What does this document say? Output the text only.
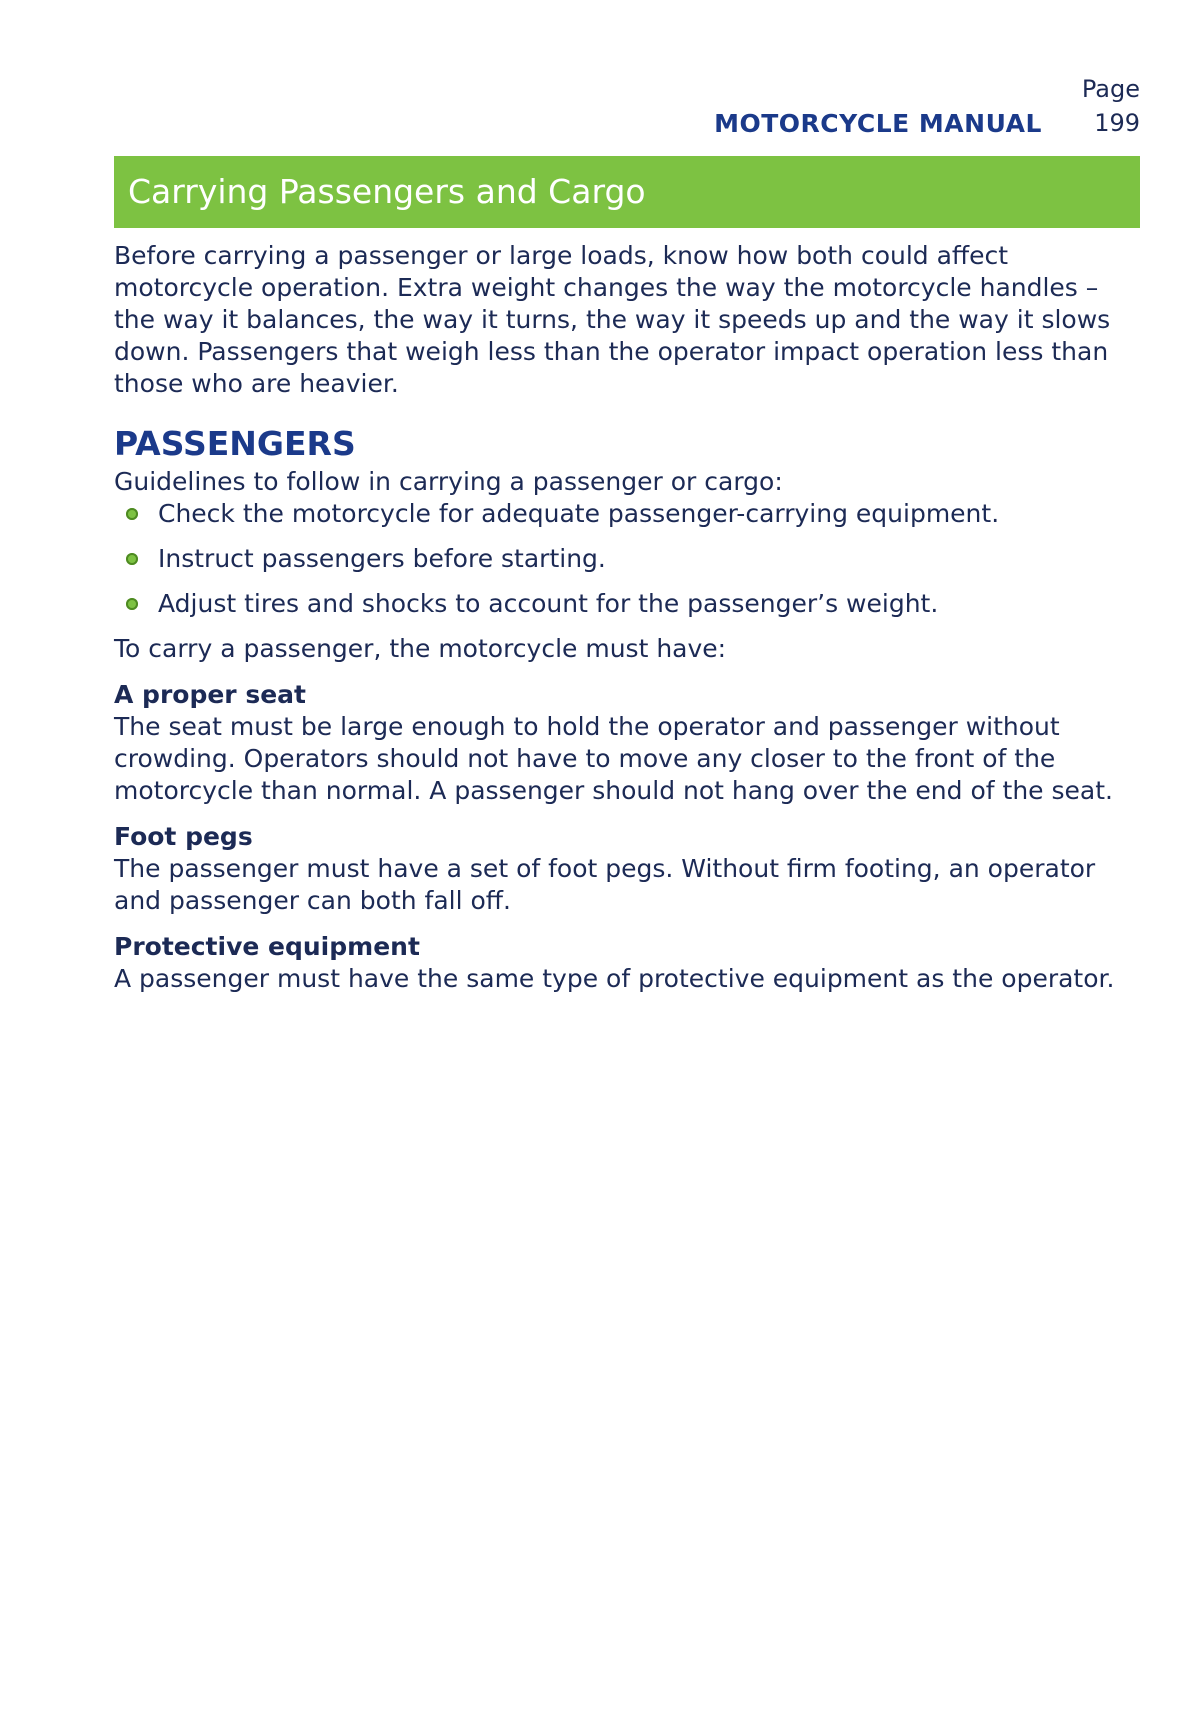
MOTORCYCLE MANUAL
Page
199
Carrying Passengers and Cargo

Before carrying a passenger or large loads, know how both could affect motorcycle operation. Extra weight changes the way the motorcycle handles – the way it balances, the way it turns, the way it speeds up and the way it slows down. Passengers that weigh less than the operator impact operation less than those who are heavier.

PASSENGERS

Guidelines to follow in carrying a passenger or cargo:

Check the motorcycle for adequate passenger-carrying equipment.
Instruct passengers before starting.
Adjust tires and shocks to account for the passenger’s weight.

To carry a passenger, the motorcycle must have:

A proper seat

The seat must be large enough to hold the operator and passenger without crowding. Operators should not have to move any closer to the front of the motorcycle than normal. A passenger should not hang over the end of the seat.

Foot pegs

The passenger must have a set of foot pegs. Without firm footing, an operator and passenger can both fall off.

Protective equipment

A passenger must have the same type of protective equipment as the operator.
